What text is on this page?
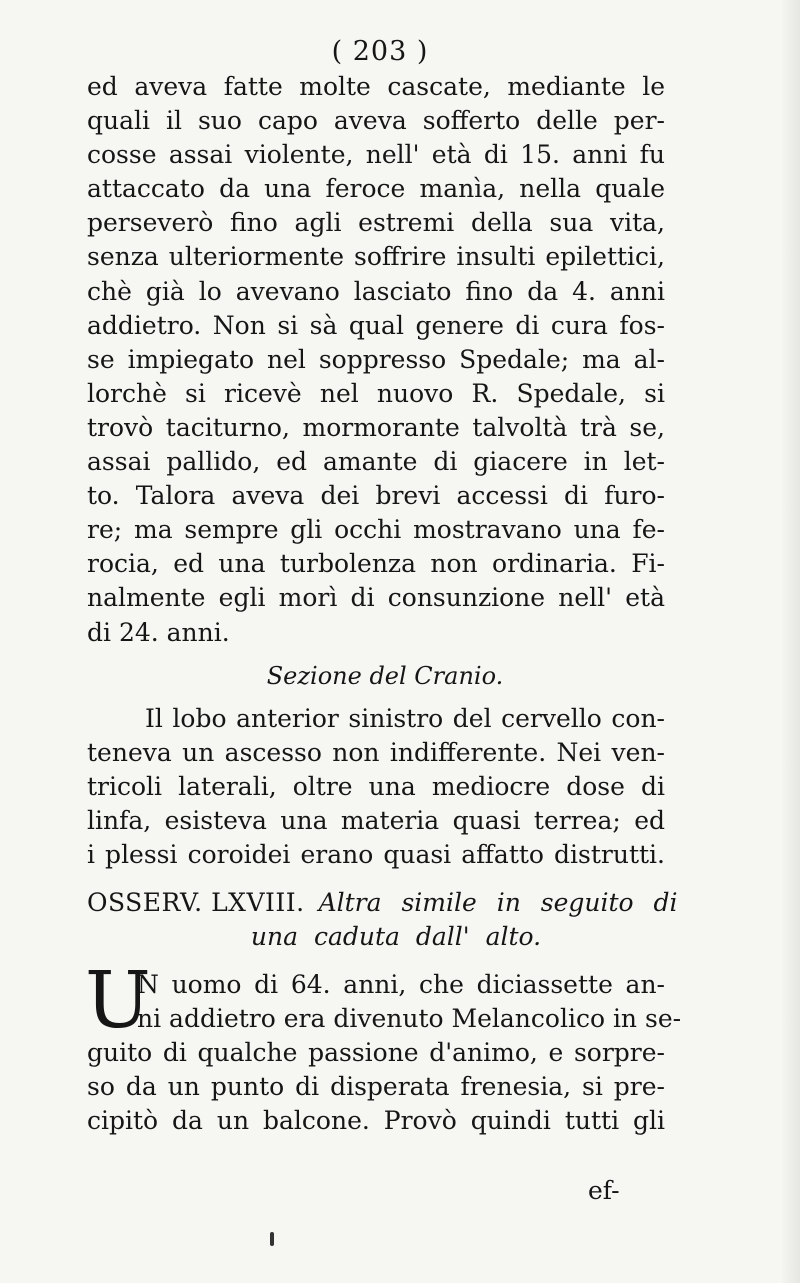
( 203 )
ed aveva fatte molte cascate, mediante le
quali il suo capo aveva sofferto delle per-
cosse assai violente, nell' età di 15. anni fu
attaccato da una feroce manìa, nella quale
perseverò fino agli estremi della sua vita,
senza ulteriormente soffrire insulti epilettici,
chè già lo avevano lasciato fino da 4. anni
addietro. Non si sà qual genere di cura fos-
se impiegato nel soppresso Spedale; ma al-
lorchè si ricevè nel nuovo R. Spedale, si
trovò taciturno, mormorante talvoltà trà se,
assai pallido, ed amante di giacere in let-
to. Talora aveva dei brevi accessi di furo-
re; ma sempre gli occhi mostravano una fe-
rocia, ed una turbolenza non ordinaria. Fi-
nalmente egli morì di consunzione nell' età
di 24. anni.
Sezione del Cranio.
Il lobo anterior sinistro del cervello con-
teneva un ascesso non indifferente. Nei ven-
tricoli laterali, oltre una mediocre dose di
linfa, esisteva una materia quasi terrea; ed
i plessi coroidei erano quasi affatto distrutti.
OSSERV. LXVIII. Altra simile in seguito di
una caduta dall' alto.
U
N uomo di 64. anni, che diciassette an-
ni addietro era divenuto Melancolico in se-
guito di qualche passione d'animo, e sorpre-
so da un punto di disperata frenesia, si pre-
cipitò da un balcone. Provò quindi tutti gli
ef-
